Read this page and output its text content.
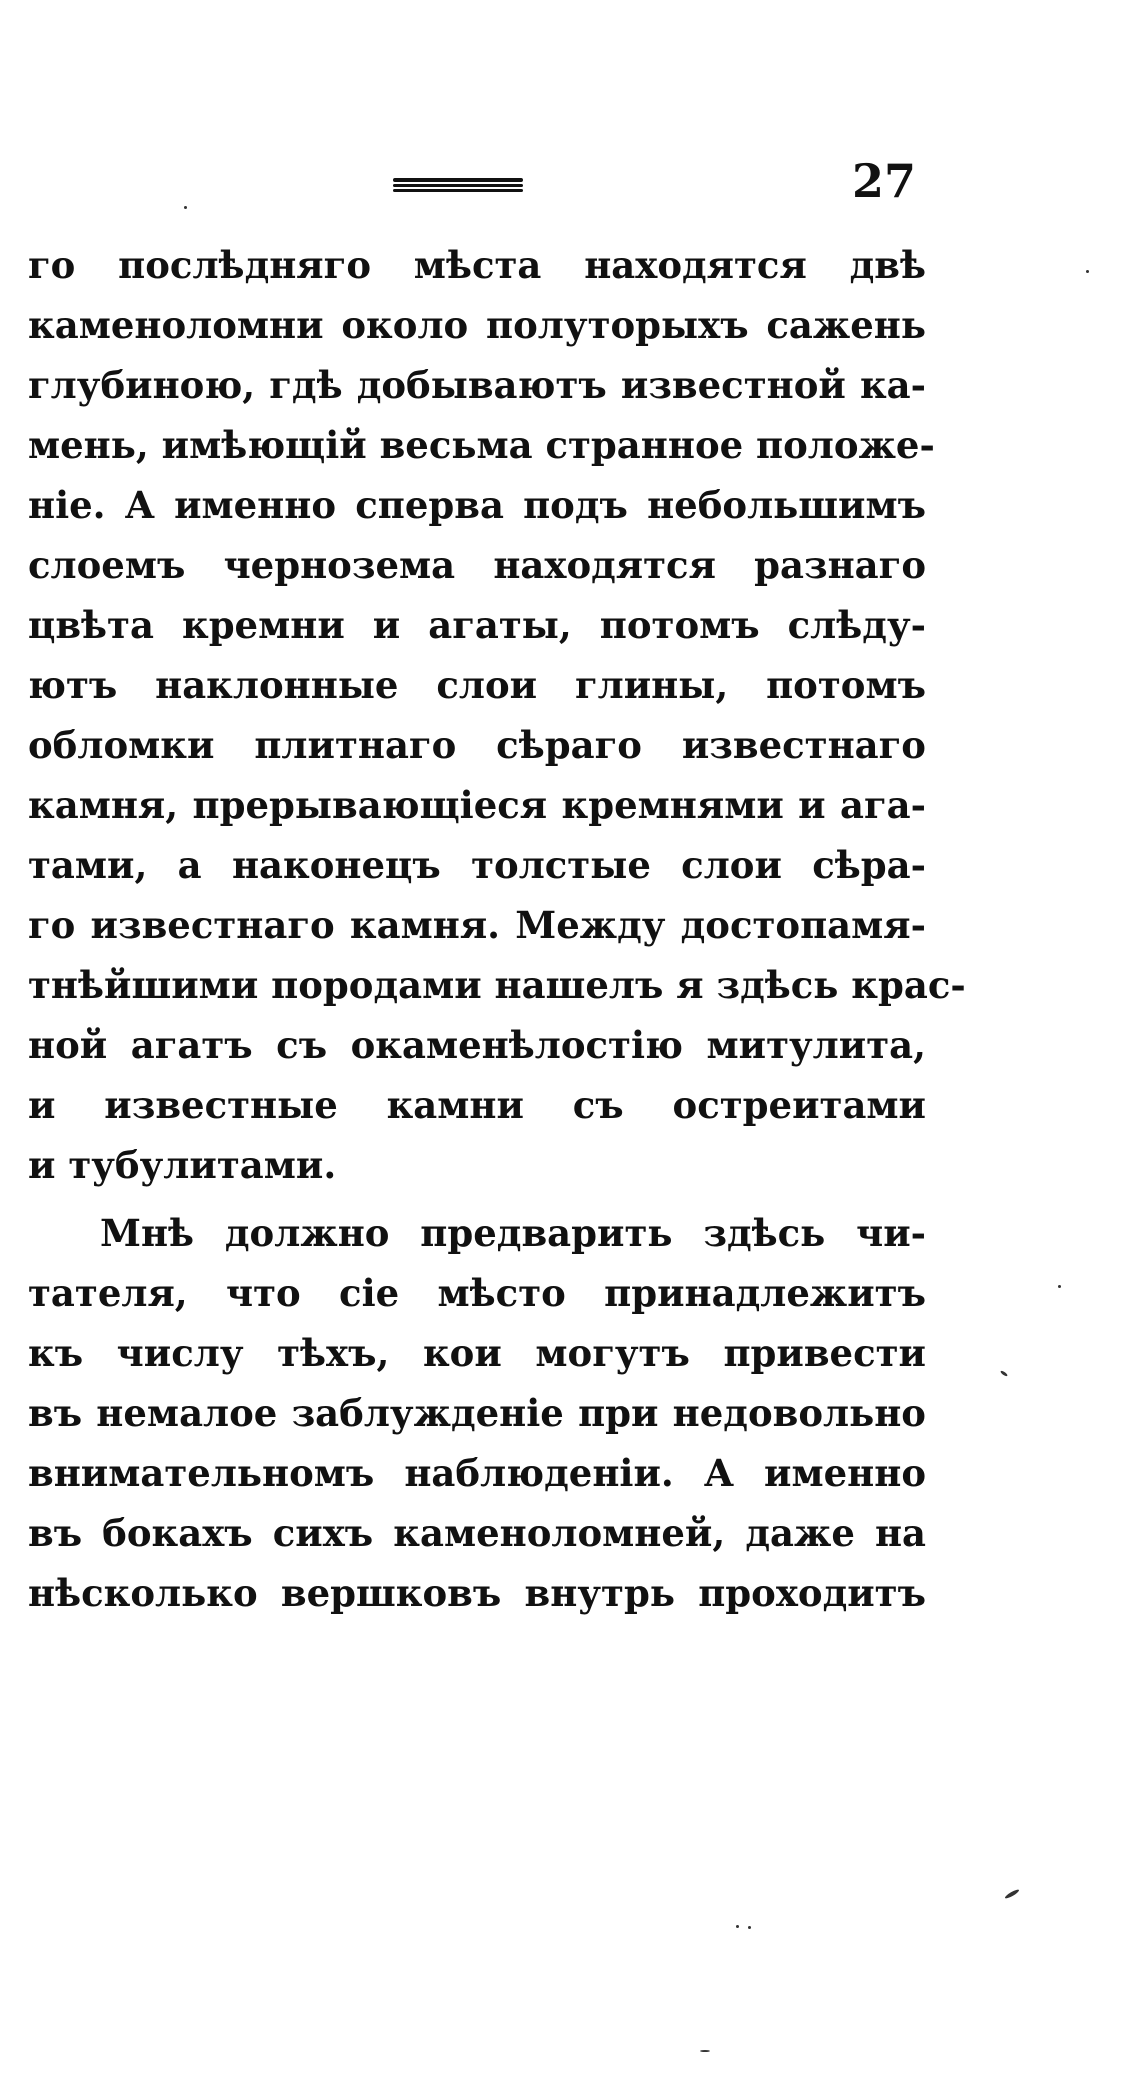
27
го послѣдняго мѣста находятся двѣ
каменоломни около полуторыхъ сажень
глубиною, гдѣ добываютъ известной ка-
мень, имѣющій весьма странное положе-
ніе. А именно сперва подъ небольшимъ
слоемъ чернозема находятся разнаго
цвѣта кремни и агаты, потомъ слѣду-
ютъ наклонные слои глины, потомъ
обломки плитнаго сѣраго известнаго
камня, прерывающіеся кремнями и ага-
тами, а наконецъ толстые слои сѣра-
го известнаго камня. Между достопамя-
тнѣйшими породами нашелъ я здѣсь крас-
ной агатъ съ окаменѣлостію митулита,
и известные камни съ остреитами
и тубулитами.
Мнѣ должно предварить здѣсь чи-
тателя, что сіе мѣсто принадлежитъ
къ числу тѣхъ, кои могутъ привести
въ немалое заблужденіе при недовольно
внимательномъ наблюденіи. А именно
въ бокахъ сихъ каменоломней, даже на
нѣсколько вершковъ внутрь проходитъ
